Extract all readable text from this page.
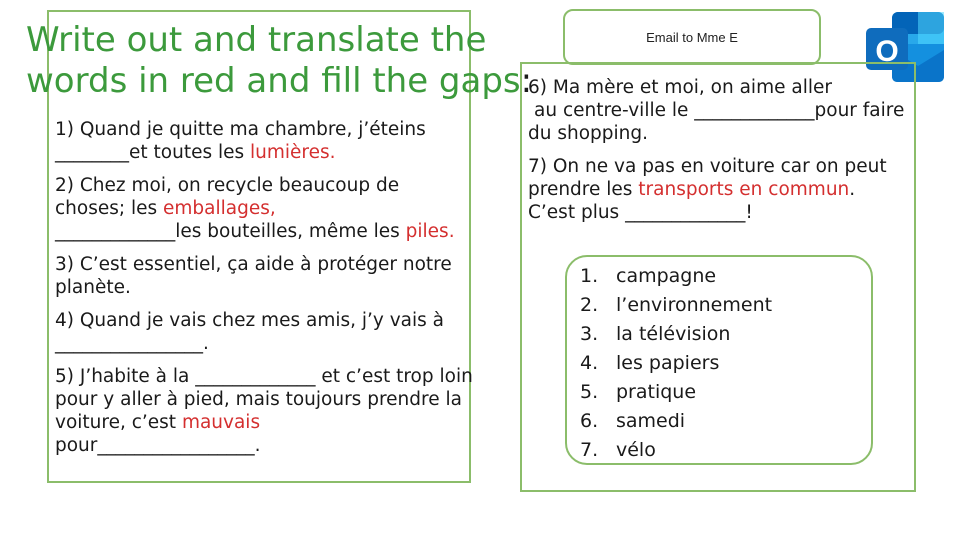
Write out and translate the
words in red and fill the gaps:

1) Quand je quitte ma chambre, j’éteins
________et toutes les lumières.

2) Chez moi, on recycle beaucoup de choses; les emballages,
_____________les bouteilles, même les piles.

3) C’est essentiel, ça aide à protéger notre planète.

4) Quand je vais chez mes amis, j’y vais à
________________.

5) J’habite à la _____________ et c’est trop loin pour y aller à pied, mais toujours prendre la voiture, c’est mauvais
pour_________________.

Email to Mme E	O

6) Ma mère et moi, on aime aller
au centre-ville le _____________pour faire du shopping.

7) On ne va pas en voiture car on peut prendre les transports en commun.
C’est plus _____________!

1. campagne
2. l’environnement
3. la télévision
4. les papiers
5. pratique
6. samedi
7. vélo
